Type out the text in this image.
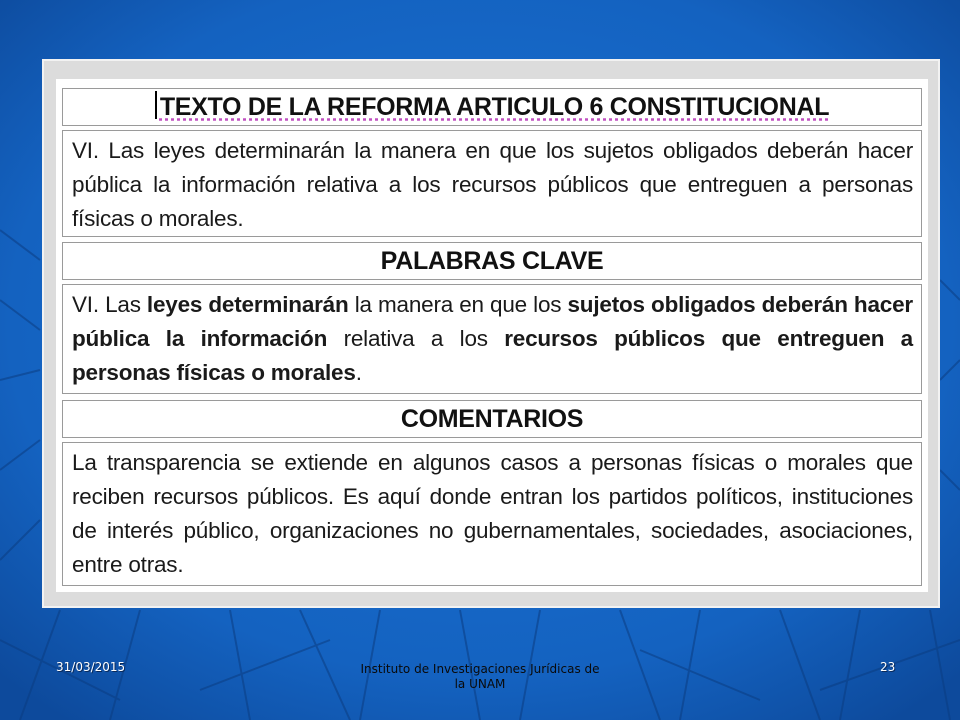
TEXTO DE LA REFORMA ARTICULO 6 CONSTITUCIONAL
VI. Las leyes determinarán la manera en que los sujetos obligados deberán hacer pública la información relativa a los recursos públicos que entreguen a personas físicas o morales.
PALABRAS CLAVE
VI. Las leyes determinarán la manera en que los sujetos obligados deberán hacer pública la información relativa a los recursos públicos que entreguen a personas físicas o morales.
COMENTARIOS
La transparencia se extiende en algunos casos a personas físicas o morales que reciben recursos públicos. Es aquí donde entran los partidos políticos, instituciones de interés público, organizaciones no gubernamentales, sociedades, asociaciones, entre otras.
31/03/2015	Instituto de Investigaciones Jurídicas de
la UNAM
23
